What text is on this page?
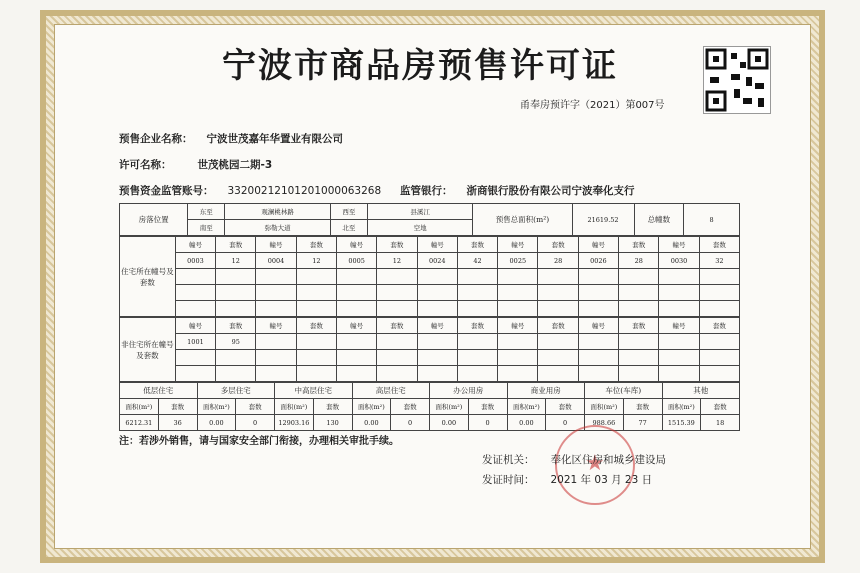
宁波市商品房预售许可证
甬奉房预许字（2021）第007号
预售企业名称： 宁波世茂嘉年华置业有限公司
许可名称： 世茂桃园二期-3
预售资金监管账号： 33200212101201000063268 监管银行： 浙商银行股份有限公司宁波奉化支行
房落位置	东至	观澜桃林路	西至	县溪江	预售总面积(m²)	21619.52	总幢数	8
	南至	弥勒大道	北至	空地				
住宅所在幢号及套数	幢号	套数	幢号	套数	幢号	套数	幢号	套数	幢号	套数	幢号	套数	幢号	套数
	0003	12	0004	12	0005	12	0024	42	0025	28	0026	28	0030	32

非住宅所在幢号及套数	幢号	套数	幢号	套数	幢号	套数	幢号	套数	幢号	套数	幢号	套数	幢号	套数
	1001	95												

低层住宅		多层住宅		中高层住宅		高层住宅		办公用房		商业用房		车位(车库)		其他	
面积(m²)	套数	面积(m²)	套数	面积(m²)	套数	面积(m²)	套数	面积(m²)	套数	面积(m²)	套数	面积(m²)	套数	面积(m²)	套数
6212.31	36	0.00	0	12903.16	130	0.00	0	0.00	0	0.00	0	988.66	77	1515.39	18
注：若涉外销售，请与国家安全部门衔接，办理相关审批手续。
★
发证机关： 奉化区住房和城乡建设局
发证时间： 2021 年 03 月 23 日
